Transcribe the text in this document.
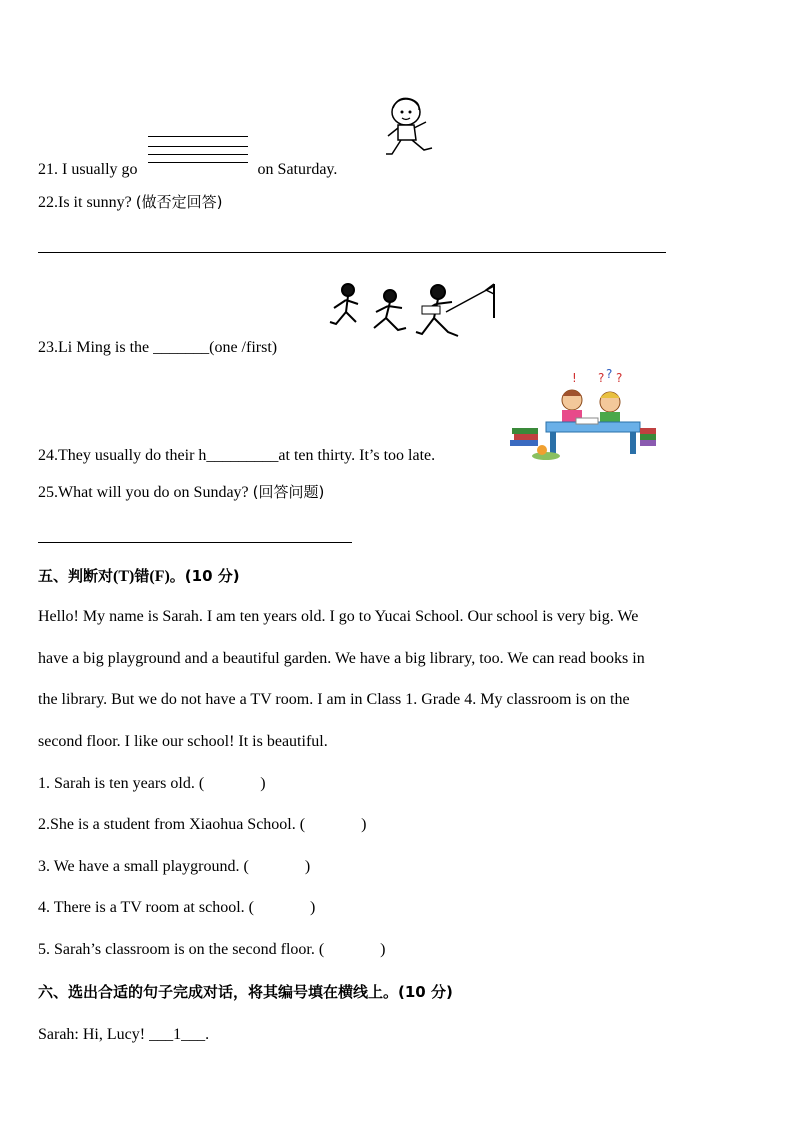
21. I usually go	on Saturday.
22.Is it sunny? (做否定回答)
23.Li Ming is the _______(one /first)
! ? ? ?
24.They usually do their h_________at ten thirty. It’s too late.
25.What will you do on Sunday? (回答问题)
五、判断对(T)错(F)。(10 分)
Hello! My name is Sarah. I am ten years old. I go to Yucai School. Our school is very big. We
have a big playground and a beautiful garden. We have a big library, too. We can read books in
the library. But we do not have a TV room. I am in Class 1. Grade 4. My classroom is on the
second floor. I like our school! It is beautiful.
1. Sarah is ten years old. (	)
2.She is a student from Xiaohua School. (	)
3. We have a small playground. (	)
4. There is a TV room at school. (	)
5. Sarah’s classroom is on the second floor. (	)
六、选出合适的句子完成对话，将其编号填在横线上。(10 分)
Sarah: Hi, Lucy! ___1___.
